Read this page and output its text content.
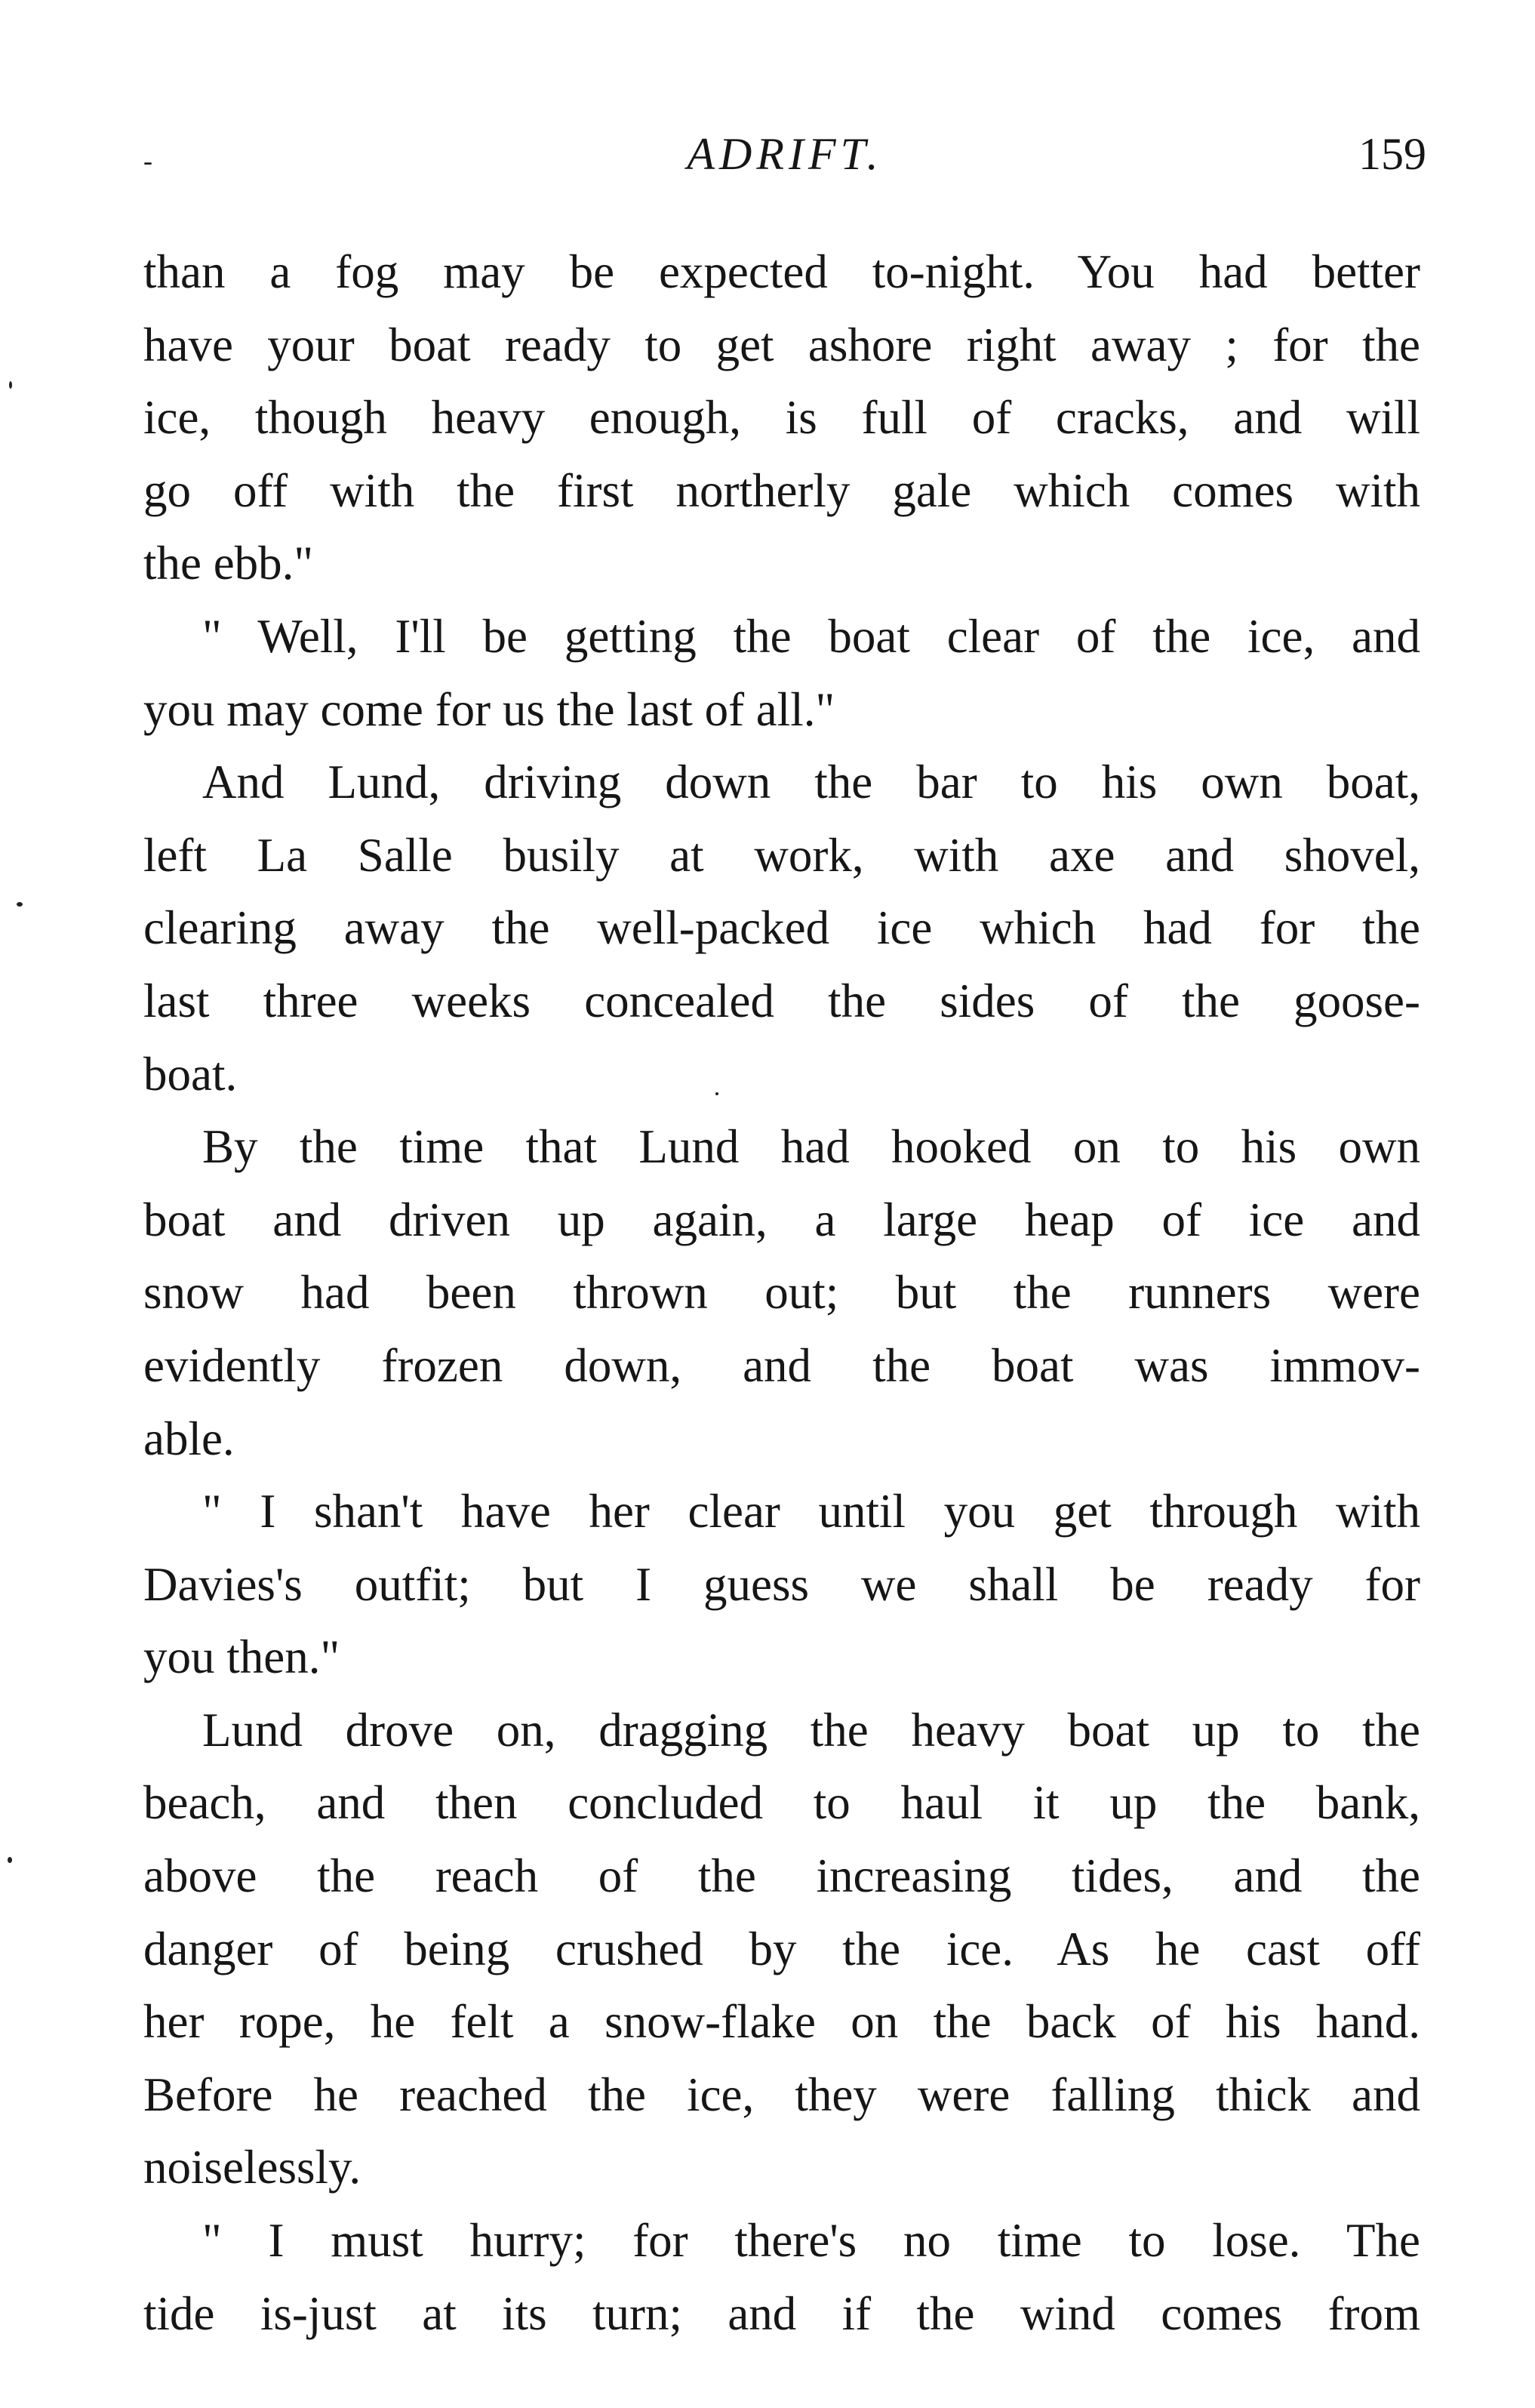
-	ADRIFT.	159

than a fog may be expected to-night. You had better
have your boat ready to get ashore right away ; for the
ice, though heavy enough, is full of cracks, and will
go off with the first northerly gale which comes with
the ebb."

" Well, I'll be getting the boat clear of the ice, and
you may come for us the last of all."

And Lund, driving down the bar to his own boat,
left La Salle busily at work, with axe and shovel,
clearing away the well-packed ice which had for the
last three weeks concealed the sides of the goose-
boat.

By the time that Lund had hooked on to his own
boat and driven up again, a large heap of ice and
snow had been thrown out; but the runners were
evidently frozen down, and the boat was immov-
able.

" I shan't have her clear until you get through with
Davies's outfit; but I guess we shall be ready for
you then."

Lund drove on, dragging the heavy boat up to the
beach, and then concluded to haul it up the bank,
above the reach of the increasing tides, and the
danger of being crushed by the ice. As he cast off
her rope, he felt a snow-flake on the back of his hand.
Before he reached the ice, they were falling thick and
noiselessly.

" I must hurry; for there's no time to lose. The
tide is-just at its turn; and if the wind comes from
